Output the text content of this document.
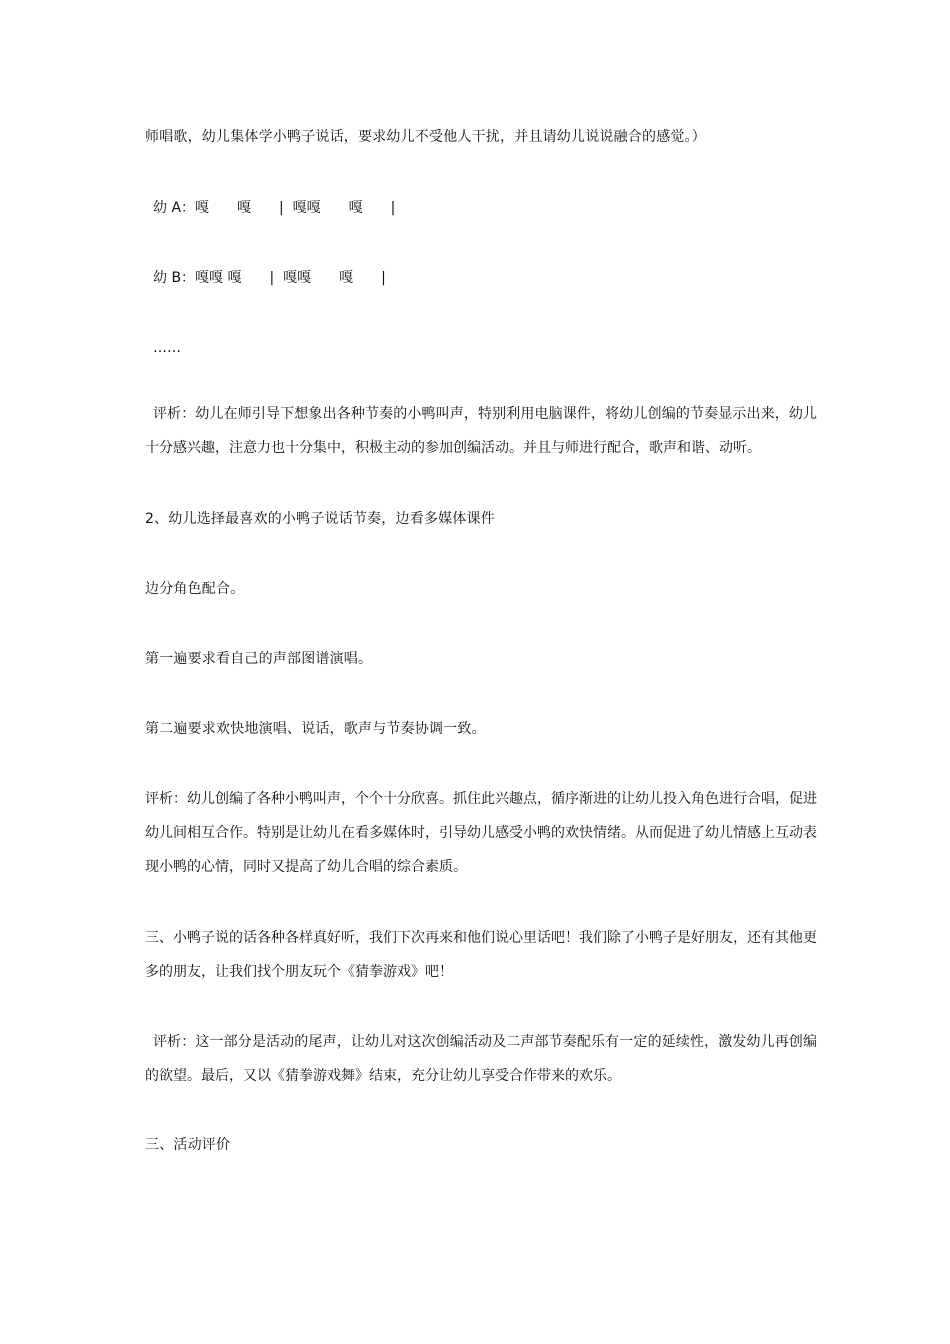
师唱歌，幼儿集体学小鸭子说话，要求幼儿不受他人干扰，并且请幼儿说说融合的感觉。）
幼 A：嘎　　嘎　　|  嘎嘎　　嘎　　|
幼 B：嘎嘎 嘎　　|  嘎嘎　　嘎　　|
……
评析：幼儿在师引导下想象出各种节奏的小鸭叫声，特别利用电脑课件，将幼儿创编的节奏显示出来，幼儿十分感兴趣，注意力也十分集中，积极主动的参加创编活动。并且与师进行配合，歌声和谐、动听。
2、幼儿选择最喜欢的小鸭子说话节奏，边看多媒体课件
边分角色配合。
第一遍要求看自己的声部图谱演唱。
第二遍要求欢快地演唱、说话，歌声与节奏协调一致。
评析：幼儿创编了各种小鸭叫声，个个十分欣喜。抓住此兴趣点，循序渐进的让幼儿投入角色进行合唱，促进幼儿间相互合作。特别是让幼儿在看多媒体时，引导幼儿感受小鸭的欢快情绪。从而促进了幼儿情感上互动表现小鸭的心情，同时又提高了幼儿合唱的综合素质。
三、小鸭子说的话各种各样真好听，我们下次再来和他们说心里话吧！我们除了小鸭子是好朋友，还有其他更多的朋友，让我们找个朋友玩个《猜拳游戏》吧！
评析：这一部分是活动的尾声，让幼儿对这次创编活动及二声部节奏配乐有一定的延续性，激发幼儿再创编的欲望。最后，又以《猜拳游戏舞》结束，充分让幼儿享受合作带来的欢乐。
三、活动评价
